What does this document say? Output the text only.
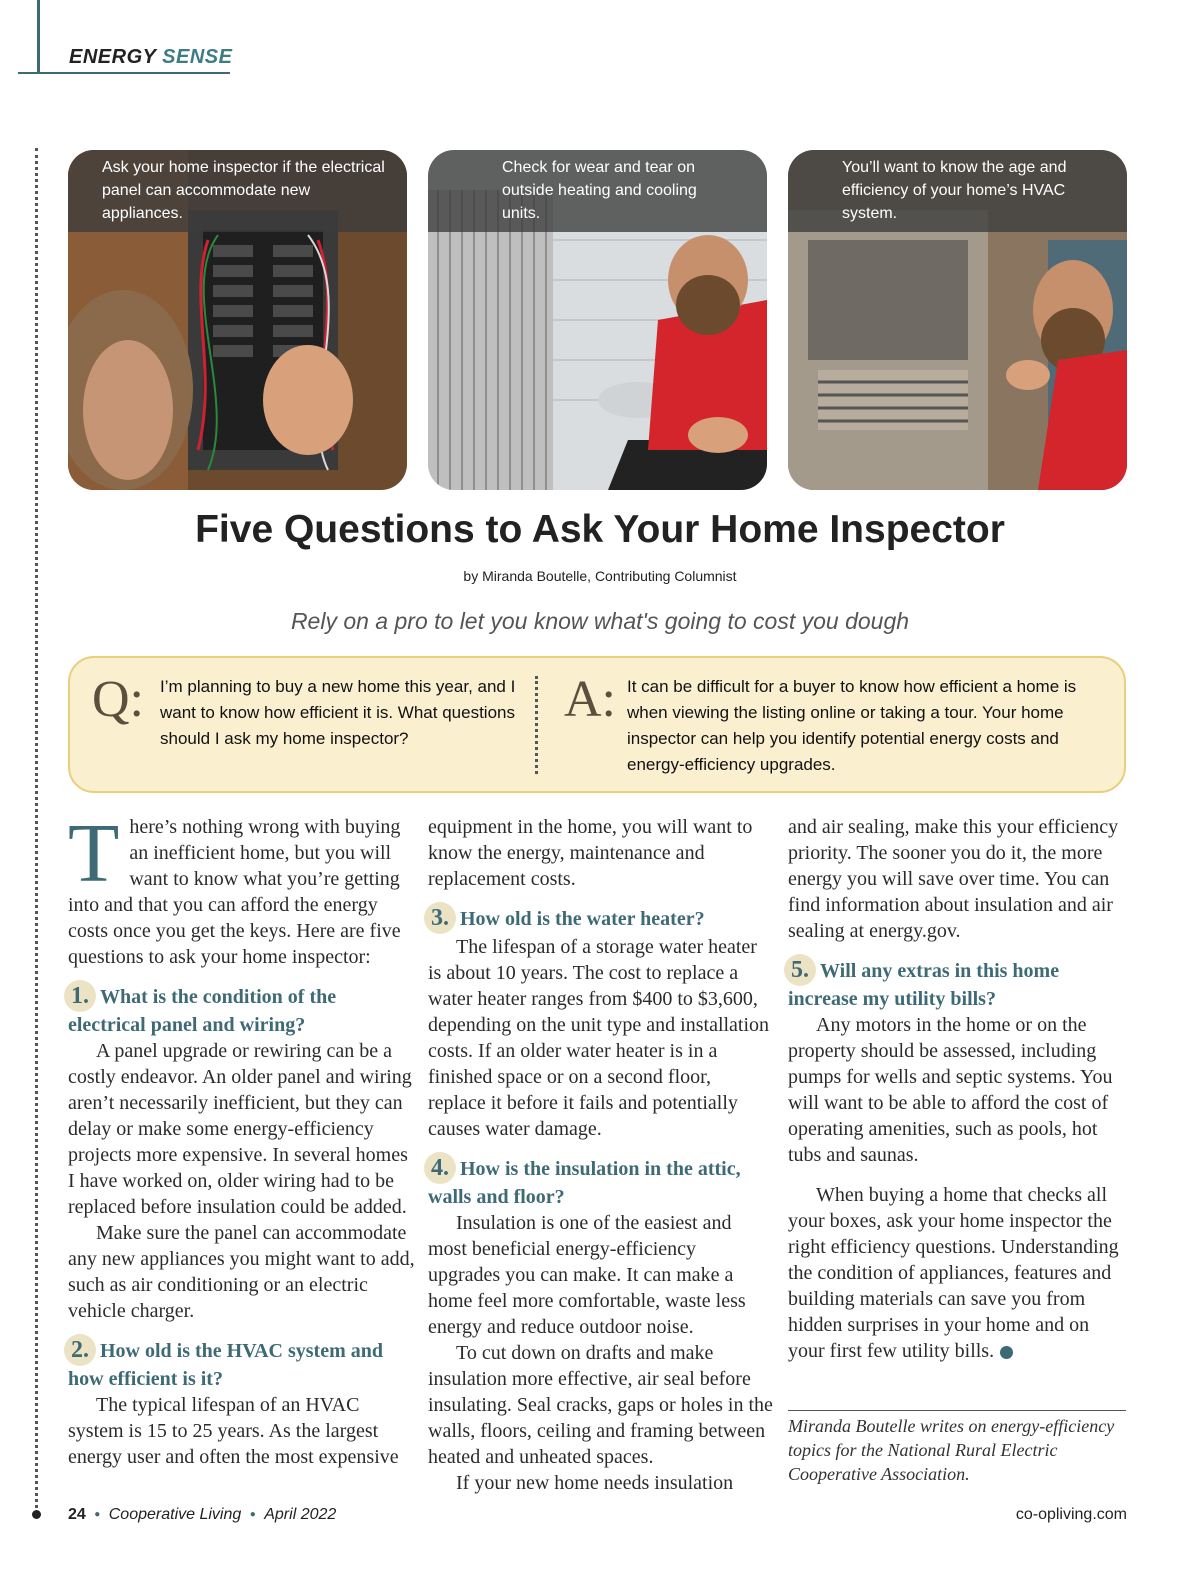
ENERGY SENSE
Ask your home inspector if the electrical panel can accommodate new appliances.
Check for wear and tear on outside heating and cooling units.
You’ll want to know the age and efficiency of your home’s HVAC system.
Five Questions to Ask Your Home Inspector
by Miranda Boutelle, Contributing Columnist
Rely on a pro to let you know what's going to cost you dough
Q: I’m planning to buy a new home this year, and I want to know how efficient it is. What questions should I ask my home inspector?
A: It can be difficult for a buyer to know how efficient a home is when viewing the listing online or taking a tour. Your home inspector can help you identify potential energy costs and energy-efficiency upgrades.

There’s nothing wrong with buying an inefficient home, but you will want to know what you’re getting into and that you can afford the energy costs once you get the keys. Here are five questions to ask your home inspector:

1. What is the condition of the electrical panel and wiring?

A panel upgrade or rewiring can be a costly endeavor. An older panel and wiring aren’t necessarily inefficient, but they can delay or make some energy-efficiency projects more expensive. In several homes I have worked on, older wiring had to be replaced before insulation could be added.

Make sure the panel can accommodate any new appliances you might want to add, such as air conditioning or an electric vehicle charger.

2. How old is the HVAC system and how efficient is it?

The typical lifespan of an HVAC system is 15 to 25 years. As the largest energy user and often the most expensive

equipment in the home, you will want to know the energy, maintenance and replacement costs.

3. How old is the water heater?

The lifespan of a storage water heater is about 10 years. The cost to replace a water heater ranges from $400 to $3,600, depending on the unit type and installation costs. If an older water heater is in a finished space or on a second floor, replace it before it fails and potentially causes water damage.

4. How is the insulation in the attic, walls and floor?

Insulation is one of the easiest and most beneficial energy-efficiency upgrades you can make. It can make a home feel more comfortable, waste less energy and reduce outdoor noise.

To cut down on drafts and make insulation more effective, air seal before insulating. Seal cracks, gaps or holes in the walls, floors, ceiling and framing between heated and unheated spaces.

If your new home needs insulation

and air sealing, make this your efficiency priority. The sooner you do it, the more energy you will save over time. You can find information about insulation and air sealing at energy.gov.

5. Will any extras in this home increase my utility bills?

Any motors in the home or on the property should be assessed, including pumps for wells and septic systems. You will want to be able to afford the cost of operating amenities, such as pools, hot tubs and saunas.

When buying a home that checks all your boxes, ask your home inspector the right efficiency questions. Understanding the condition of appliances, features and building materials can save you from hidden surprises in your home and on your first few utility bills.

Miranda Boutelle writes on energy-efficiency topics for the National Rural Electric Cooperative Association.
24 ● Cooperative Living ● April 2022	co-opliving.com
